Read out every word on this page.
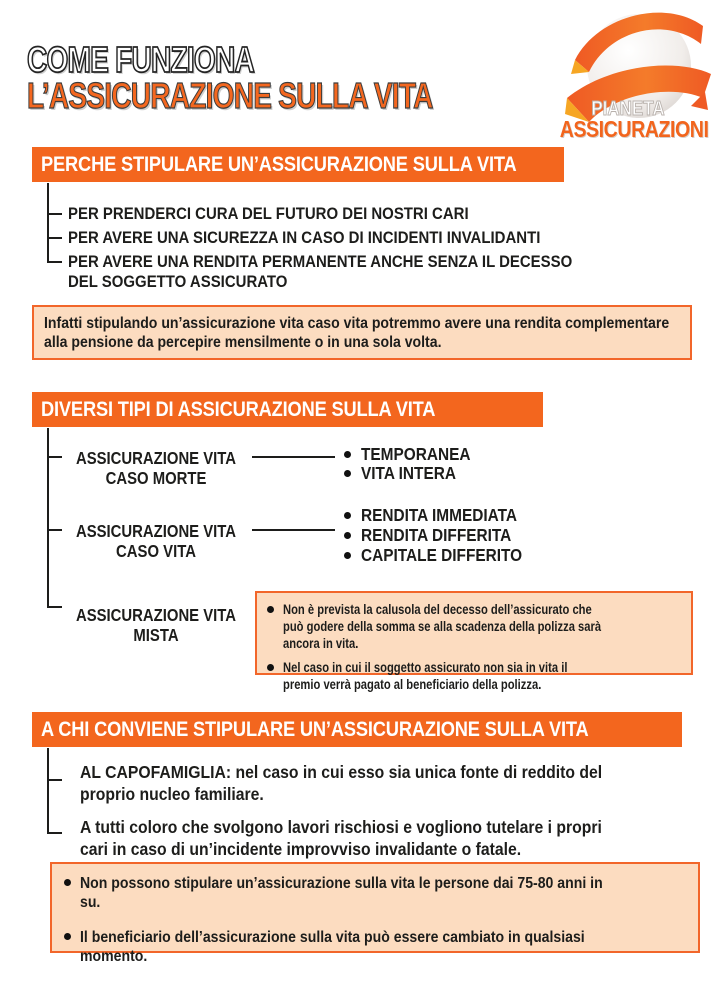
COME FUNZIONA
L’ASSICURAZIONE SULLA VITA	PIANETA
ASSICURAZIONI
PERCHE STIPULARE UN’ASSICURAZIONE SULLA VITA
PER PRENDERCI CURA DEL FUTURO DEI NOSTRI CARI
PER AVERE UNA SICUREZZA IN CASO DI INCIDENTI INVALIDANTI
PER AVERE UNA RENDITA PERMANENTE ANCHE SENZA IL DECESSO
DEL SOGGETTO ASSICURATO
Infatti stipulando un’assicurazione vita caso vita potremmo avere una rendita complementare alla pensione da percepire mensilmente o in una sola volta.
DIVERSI TIPI DI ASSICURAZIONE SULLA VITA
ASSICURAZIONE VITA
CASO MORTE
TEMPORANEA
VITA INTERA
ASSICURAZIONE VITA
CASO VITA
RENDITA IMMEDIATA
RENDITA DIFFERITA
CAPITALE DIFFERITO
ASSICURAZIONE VITA
MISTA
Non è prevista la calusola del decesso dell’assicurato che può godere della somma se alla scadenza della polizza sarà ancora in vita.
Nel caso in cui il soggetto assicurato non sia in vita il premio verrà pagato al beneficiario della polizza.
A CHI CONVIENE STIPULARE UN’ASSICURAZIONE SULLA VITA
AL CAPOFAMIGLIA: nel caso in cui esso sia unica fonte di reddito del
proprio nucleo familiare.
A tutti coloro che svolgono lavori rischiosi e vogliono tutelare i propri
cari in caso di un’incidente improvviso invalidante o fatale.
Non possono stipulare un’assicurazione sulla vita le persone dai 75-80 anni in su.
Il beneficiario dell’assicurazione sulla vita può essere cambiato in qualsiasi momento.
